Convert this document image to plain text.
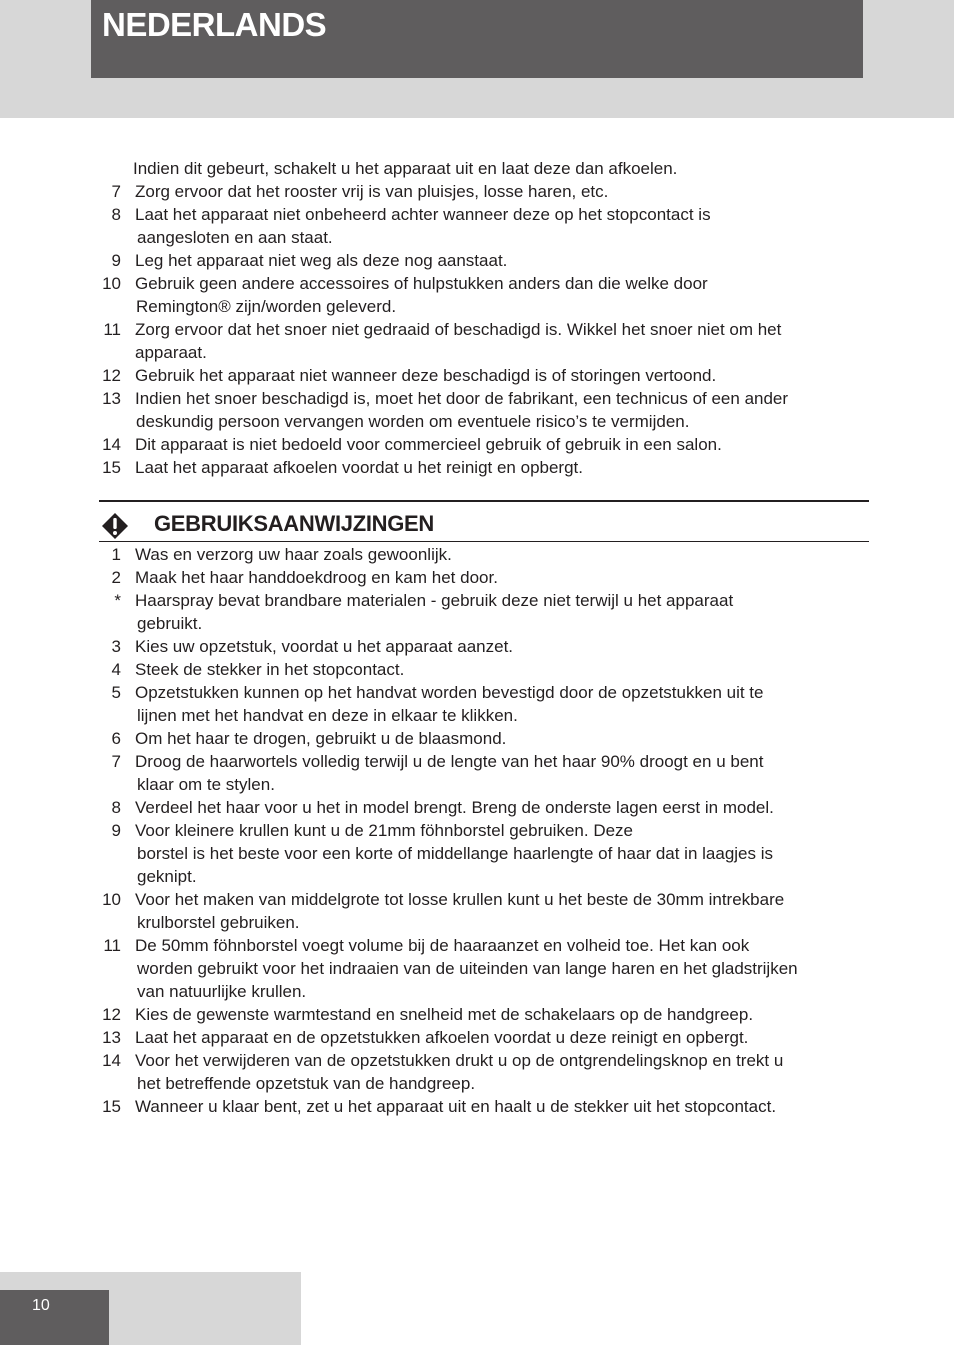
NEDERLANDS
Indien dit gebeurt, schakelt u het apparaat uit en laat deze dan afkoelen.
7 Zorg ervoor dat het rooster vrij is van pluisjes, losse haren, etc.
8 Laat het apparaat niet onbeheerd achter wanneer deze op het stopcontact is
aangesloten en aan staat.
9 Leg het apparaat niet weg als deze nog aanstaat.
10 Gebruik geen andere accessoires of hulpstukken anders dan die welke door
Remington® zijn/worden geleverd.
11 Zorg ervoor dat het snoer niet gedraaid of beschadigd is. Wikkel het snoer niet om het
apparaat.
12 Gebruik het apparaat niet wanneer deze beschadigd is of storingen vertoond.
13 Indien het snoer beschadigd is, moet het door de fabrikant, een technicus of een ander
deskundig persoon vervangen worden om eventuele risico’s te vermijden.
14 Dit apparaat is niet bedoeld voor commercieel gebruik of gebruik in een salon.
15 Laat het apparaat afkoelen voordat u het reinigt en opbergt.
GEBRUIKSAANWIJZINGEN
1 Was en verzorg uw haar zoals gewoonlijk.
2 Maak het haar handdoekdroog en kam het door.
* Haarspray bevat brandbare materialen - gebruik deze niet terwijl u het apparaat
gebruikt.
3 Kies uw opzetstuk, voordat u het apparaat aanzet.
4 Steek de stekker in het stopcontact.
5 Opzetstukken kunnen op het handvat worden bevestigd door de opzetstukken uit te
lijnen met het handvat en deze in elkaar te klikken.
6 Om het haar te drogen, gebruikt u de blaasmond.
7 Droog de haarwortels volledig terwijl u de lengte van het haar 90% droogt en u bent
klaar om te stylen.
8 Verdeel het haar voor u het in model brengt. Breng de onderste lagen eerst in model.
9 Voor kleinere krullen kunt u de 21mm föhnborstel gebruiken. Deze
borstel is het beste voor een korte of middellange haarlengte of haar dat in laagjes is
geknipt.
10 Voor het maken van middelgrote tot losse krullen kunt u het beste de 30mm intrekbare
krulborstel gebruiken.
11 De 50mm föhnborstel voegt volume bij de haaraanzet en volheid toe. Het kan ook
worden gebruikt voor het indraaien van de uiteinden van lange haren en het gladstrijken
van natuurlijke krullen.
12 Kies de gewenste warmtestand en snelheid met de schakelaars op de handgreep.
13 Laat het apparaat en de opzetstukken afkoelen voordat u deze reinigt en opbergt.
14 Voor het verwijderen van de opzetstukken drukt u op de ontgrendelingsknop en trekt u
het betreffende opzetstuk van de handgreep.
15 Wanneer u klaar bent, zet u het apparaat uit en haalt u de stekker uit het stopcontact.
10
